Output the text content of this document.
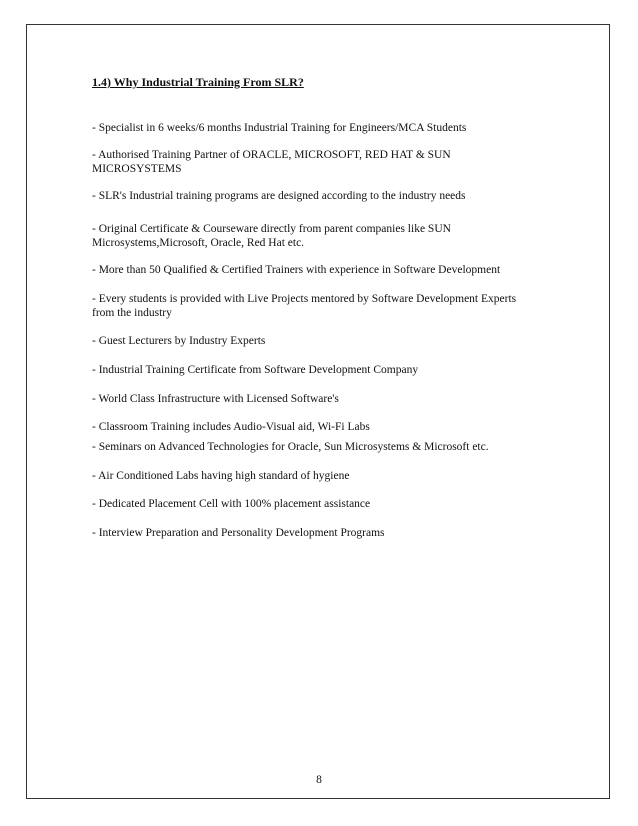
1.4) Why Industrial Training From SLR?
- Specialist in 6 weeks/6 months Industrial Training for Engineers/MCA Students
- Authorised Training Partner of ORACLE, MICROSOFT, RED HAT & SUN MICROSYSTEMS
- SLR's Industrial training programs are designed according to the industry needs
- Original Certificate & Courseware directly from parent companies like SUN Microsystems,Microsoft, Oracle, Red Hat etc.
- More than 50 Qualified & Certified Trainers with experience in Software Development
- Every students is provided with Live Projects mentored by Software Development Experts from the industry
- Guest Lecturers by Industry Experts
- Industrial Training Certificate from Software Development Company
- World Class Infrastructure with Licensed Software's
- Classroom Training includes Audio-Visual aid, Wi-Fi Labs
- Seminars on Advanced Technologies for Oracle, Sun Microsystems & Microsoft etc.
- Air Conditioned Labs having high standard of hygiene
- Dedicated Placement Cell with 100% placement assistance
- Interview Preparation and Personality Development Programs
8
